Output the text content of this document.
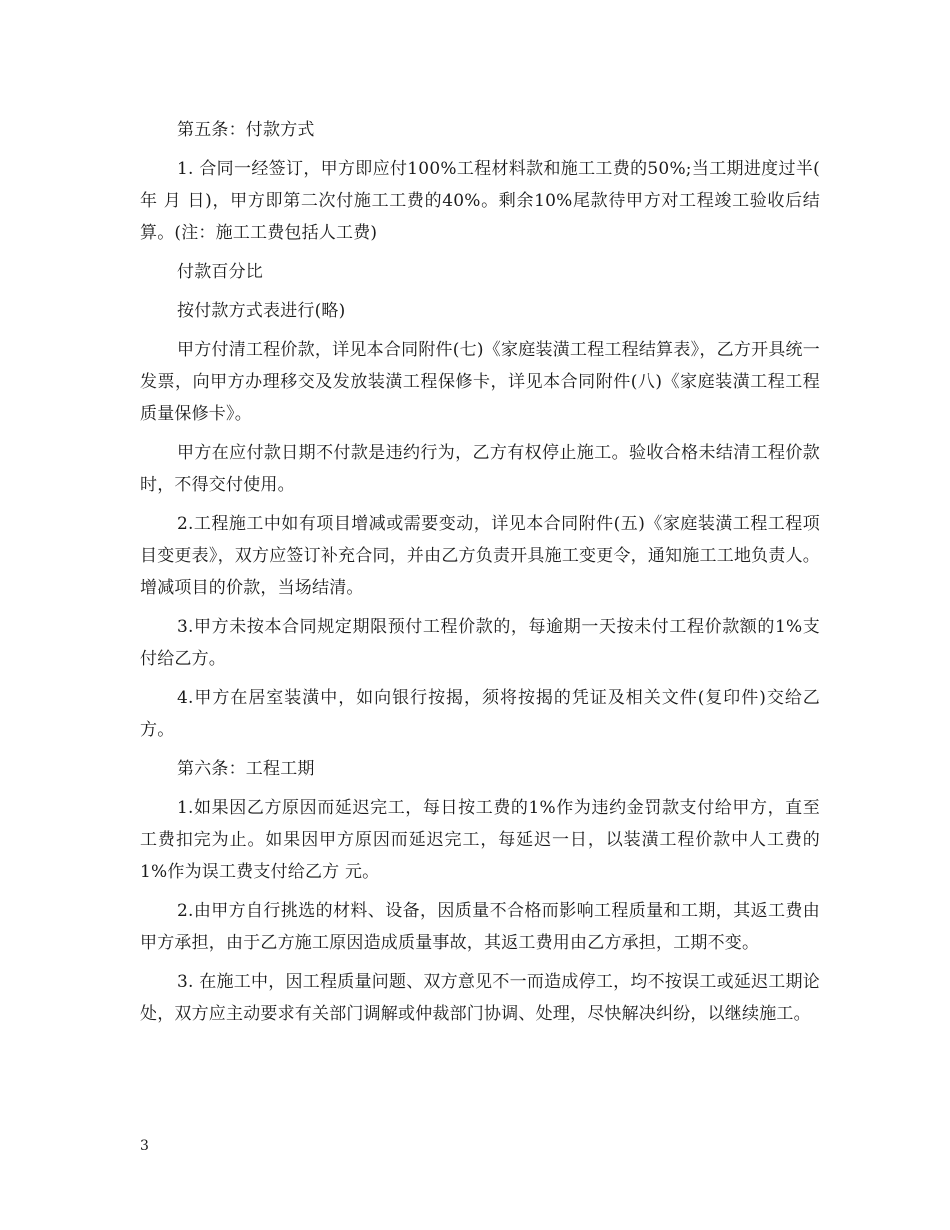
第五条：付款方式

1. 合同一经签订，甲方即应付100%工程材料款和施工工费的50%;当工期进度过半( 年 月 日)，甲方即第二次付施工工费的40%。剩余10%尾款待甲方对工程竣工验收后结算。(注：施工工费包括人工费)

付款百分比

按付款方式表进行(略)

甲方付清工程价款，详见本合同附件(七)《家庭装潢工程工程结算表》，乙方开具统一发票，向甲方办理移交及发放装潢工程保修卡，详见本合同附件(八)《家庭装潢工程工程质量保修卡》。

甲方在应付款日期不付款是违约行为，乙方有权停止施工。验收合格未结清工程价款时，不得交付使用。

2.工程施工中如有项目增减或需要变动，详见本合同附件(五)《家庭装潢工程工程项目变更表》，双方应签订补充合同，并由乙方负责开具施工变更令，通知施工工地负责人。增减项目的价款，当场结清。

3.甲方未按本合同规定期限预付工程价款的，每逾期一天按未付工程价款额的1%支付给乙方。

4.甲方在居室装潢中，如向银行按揭，须将按揭的凭证及相关文件(复印件)交给乙方。

第六条：工程工期

1.如果因乙方原因而延迟完工，每日按工费的1%作为违约金罚款支付给甲方，直至工费扣完为止。如果因甲方原因而延迟完工，每延迟一日，以装潢工程价款中人工费的1%作为误工费支付给乙方 元。

2.由甲方自行挑选的材料、设备，因质量不合格而影响工程质量和工期，其返工费由甲方承担，由于乙方施工原因造成质量事故，其返工费用由乙方承担，工期不变。

3. 在施工中，因工程质量问题、双方意见不一而造成停工，均不按误工或延迟工期论处，双方应主动要求有关部门调解或仲裁部门协调、处理，尽快解决纠纷，以继续施工。

3
